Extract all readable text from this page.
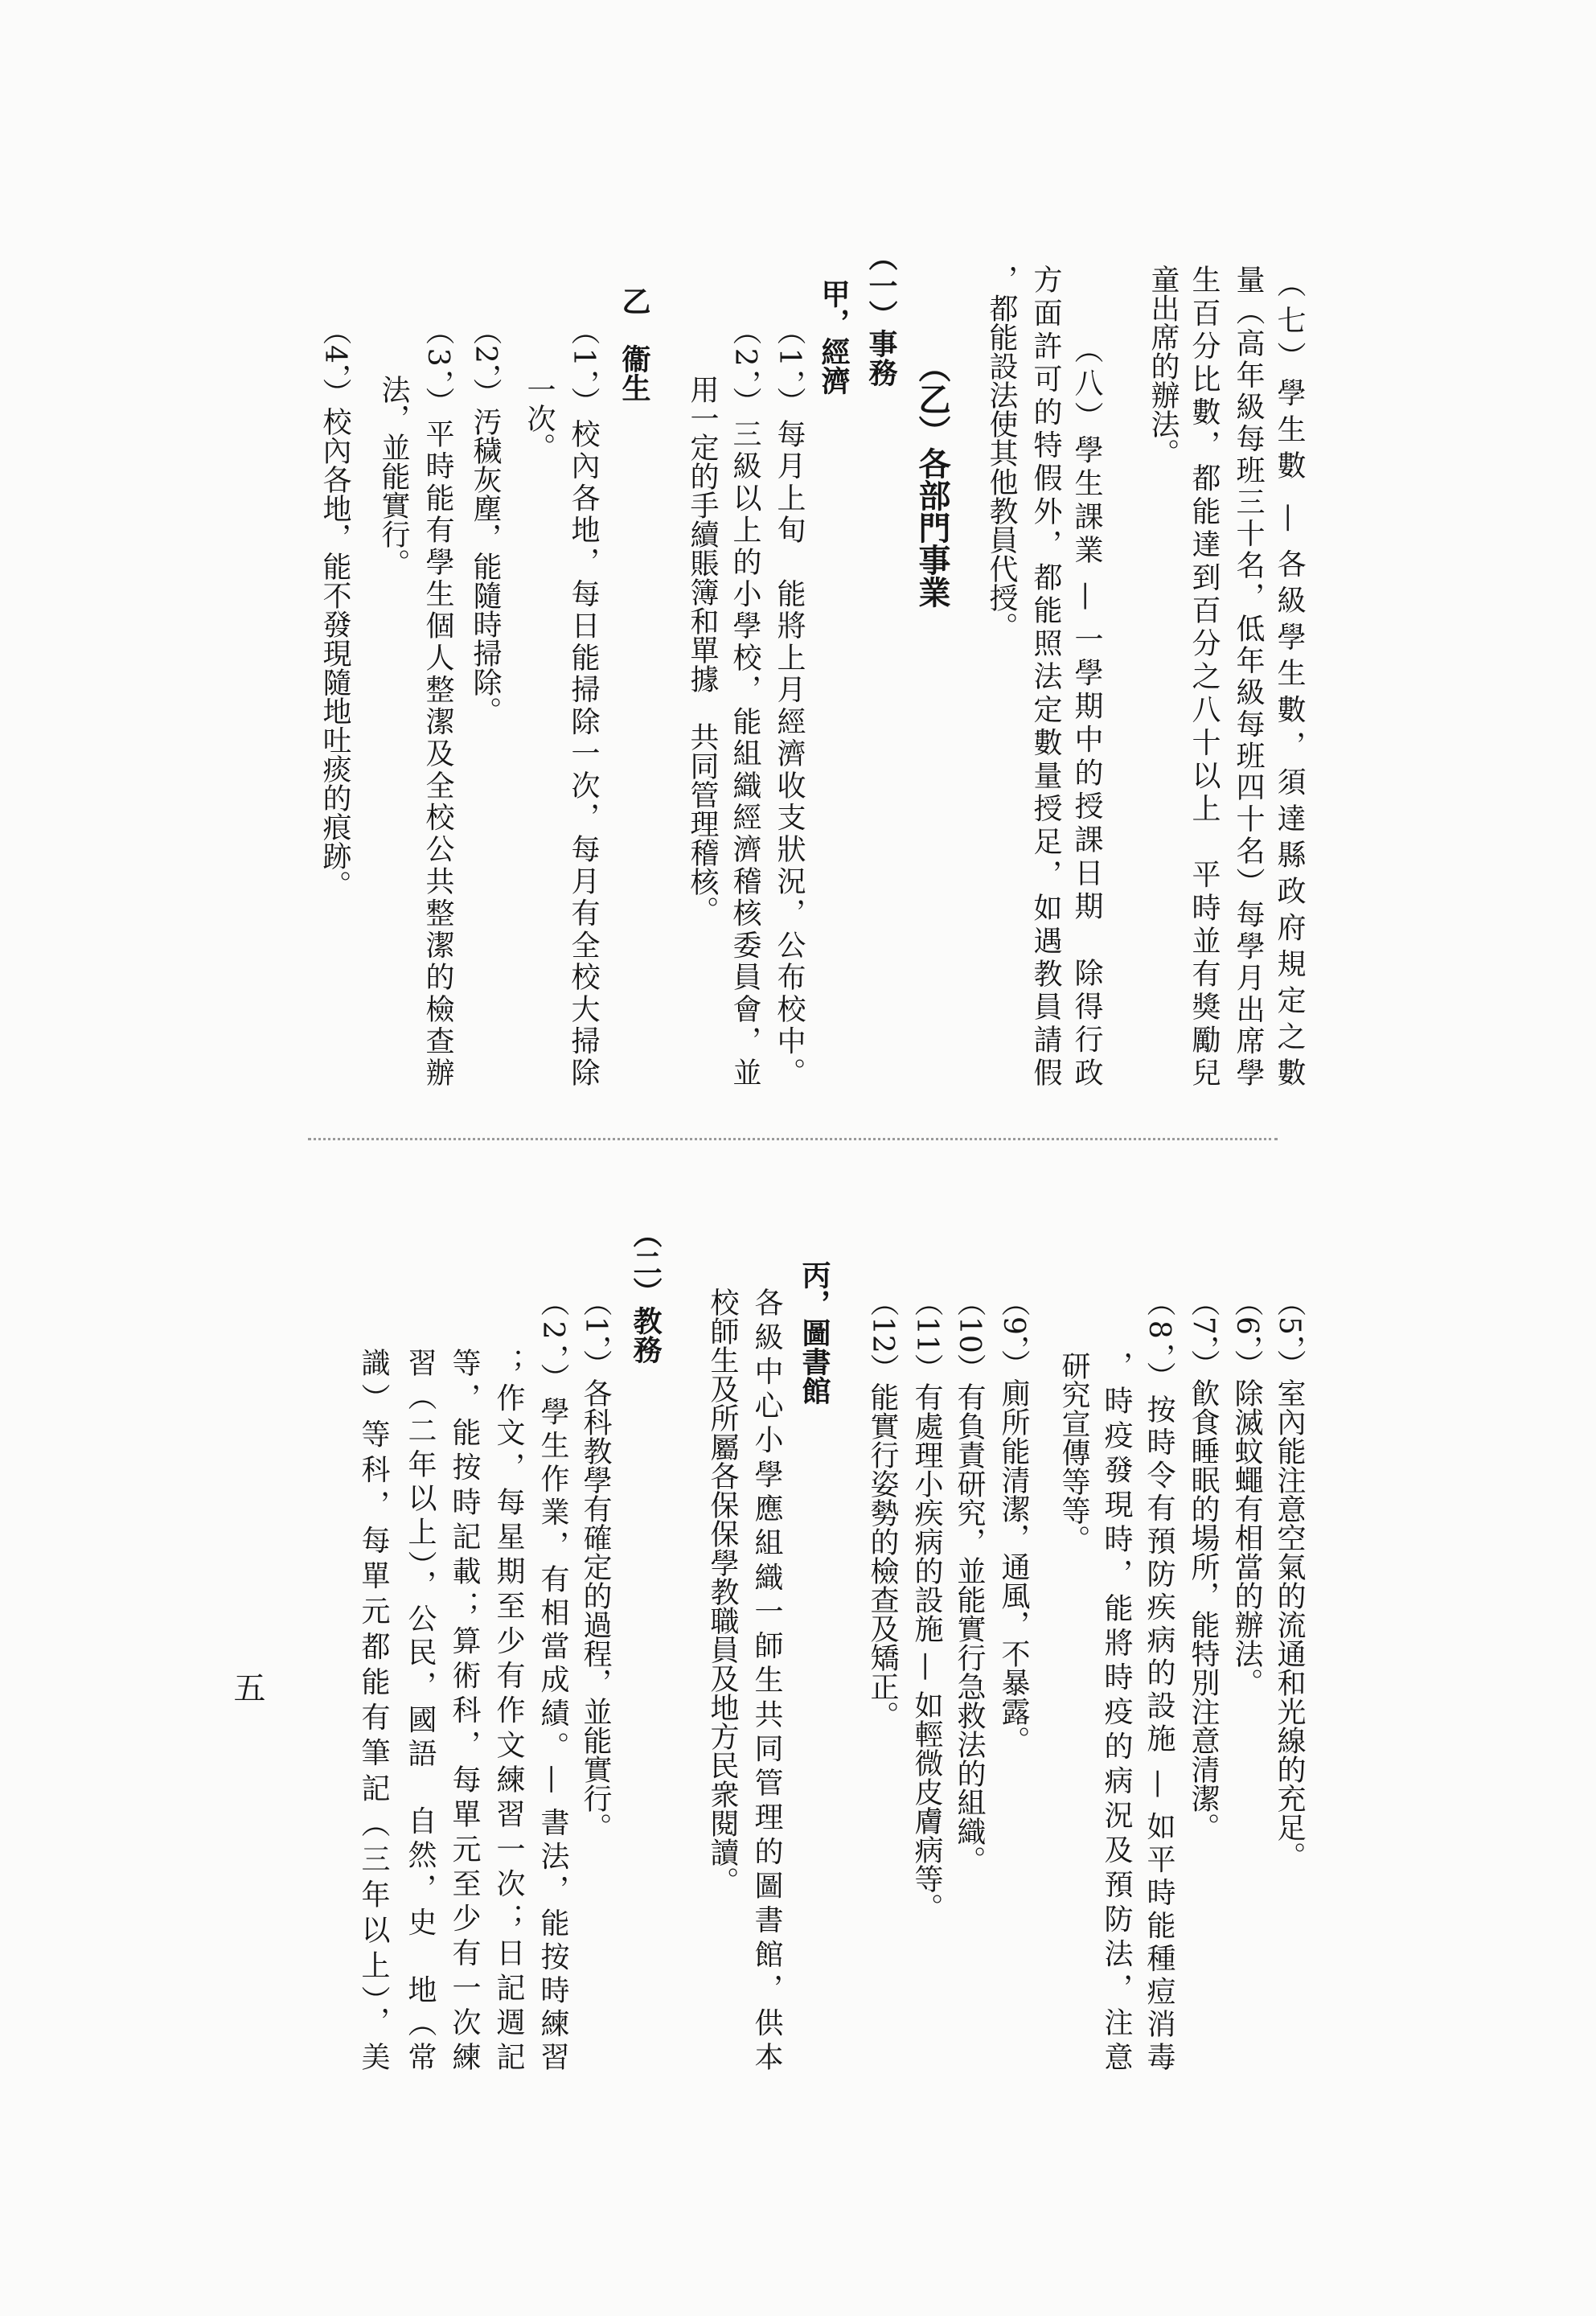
（七）學生數 — 各級學生數，須達縣政府規定之數
量（高年級每班三十名，低年級每班四十名）每學月出席學
生百分比數，都能達到百分之八十以上　平時並有獎勵兒
童出席的辦法。
（八）學生課業 — 一學期中的授課日期　除得行政
方面許可的特假外，都能照法定數量授足，如遇教員請假
，都能設法使其他教員代授。
（乙）各部門事業
（一）事務
甲，經濟
（1，）每月上旬　能將上月經濟收支狀況，公布校中。
（2，）三級以上的小學校，能組織經濟稽核委員會，並
用一定的手續賬簿和單據　共同管理稽核。
乙　衞生
（1，）校內各地，每日能掃除一次，每月有全校大掃除
一次。
（2，）汚穢灰塵，能隨時掃除。
（3，）平時能有學生個人整潔及全校公共整潔的檢查辦
法，並能實行。
（4，）校內各地，能不發現隨地吐痰的痕跡。
（5，）室內能注意空氣的流通和光線的充足。
（6，）除滅蚊蠅有相當的辦法。
（7，）飮食睡眠的場所，能特別注意清潔。
（8，）按時令有預防疾病的設施 — 如平時能種痘消毒
，時疫發現時，能將時疫的病況及預防法，注意
研究宣傳等等。
（9，）廁所能清潔，通風，不暴露。
（10）有負責研究，並能實行急救法的組織。
（11）有處理小疾病的設施 — 如輕微皮膚病等。
（12）能實行姿勢的檢查及矯正。
丙，圖書館
各級中心小學應組織一師生共同管理的圖書館，供本
校師生及所屬各保保學教職員及地方民衆閱讀。
（二）教務
（1，）各科教學有確定的過程，並能實行。
（2，）學生作業，有相當成績。— 書法，能按時練習
；作文，每星期至少有作文練習一次；日記週記
等，能按時記載；算術科，每單元至少有一次練
習（二年以上），公民，國語　自然，史　地（常
識）等科，每單元都能有筆記（三年以上），美
五
